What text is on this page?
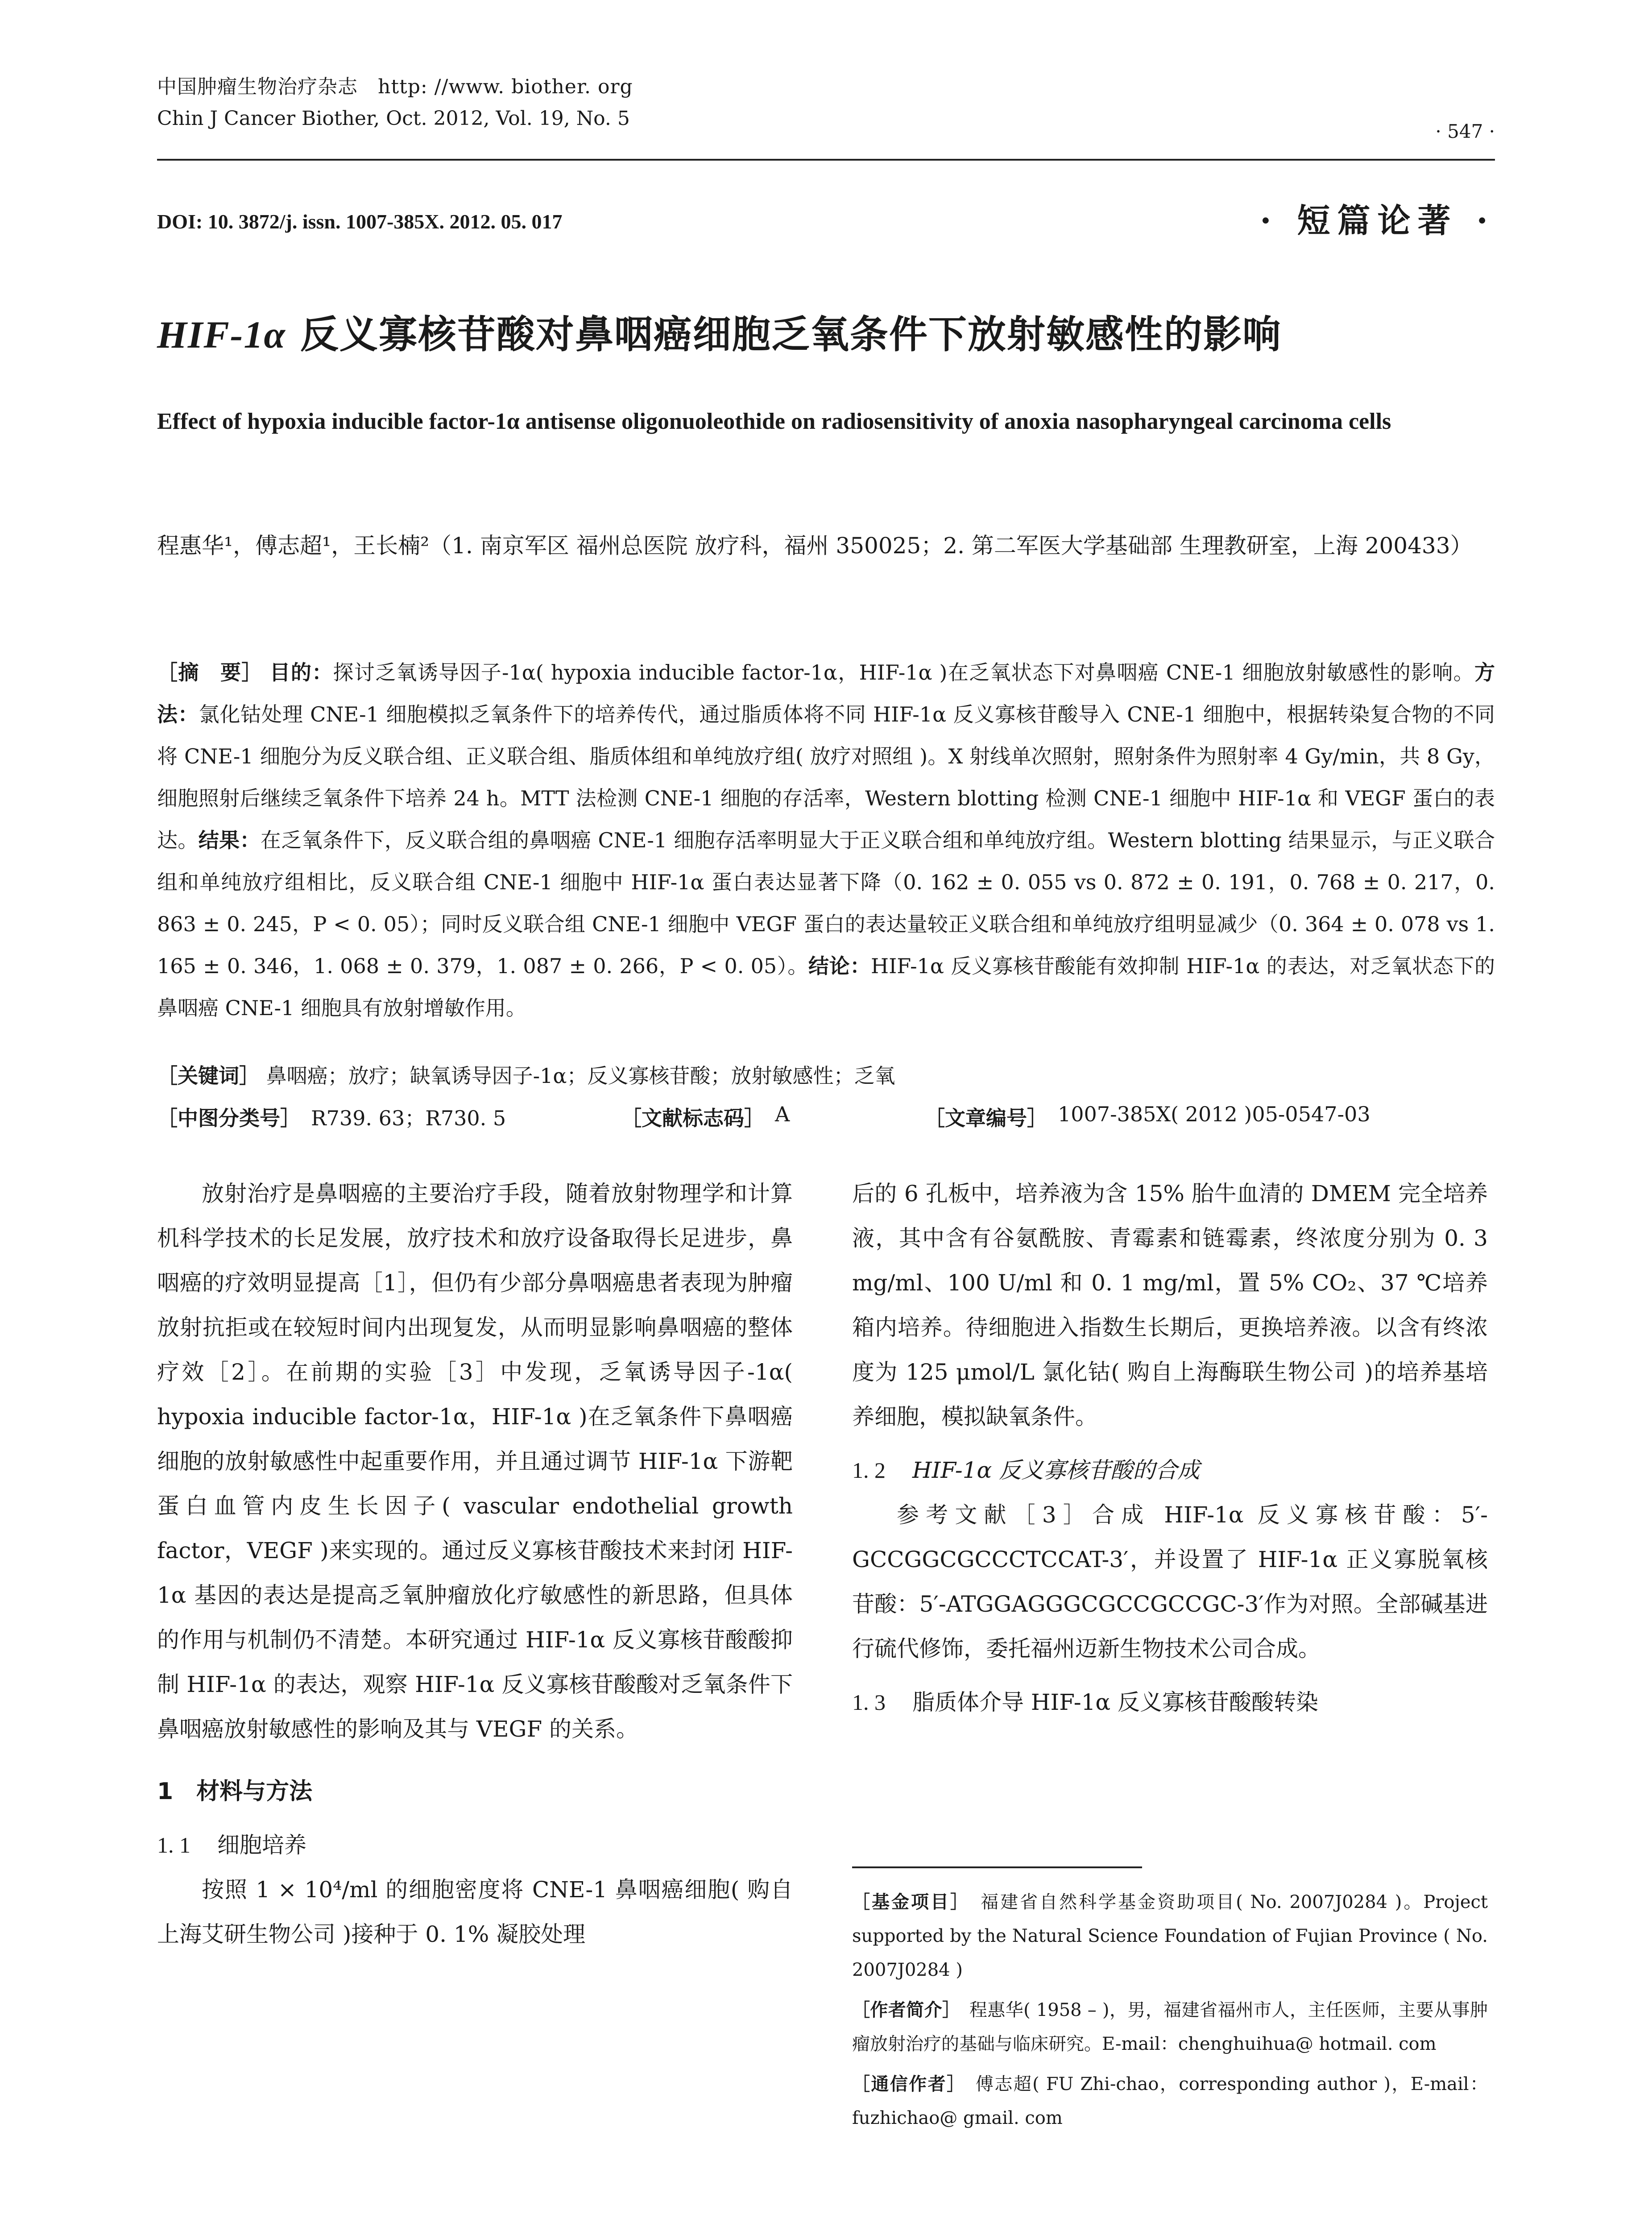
中国肿瘤生物治疗杂志　http: //www. biother. org
Chin J Cancer Biother, Oct. 2012, Vol. 19, No. 5
· 547 ·
DOI: 10. 3872/j. issn. 1007-385X. 2012. 05. 017	· 短篇论著 ·
HIF-1α 反义寡核苷酸对鼻咽癌细胞乏氧条件下放射敏感性的影响
Effect of hypoxia inducible factor-1α antisense oligonuoleothide on radiosensitivity of anoxia nasopharyngeal carcinoma cells
程惠华¹，傅志超¹，王长楠²（1. 南京军区 福州总医院 放疗科，福州 350025；2. 第二军医大学基础部 生理教研室，上海 200433）
［摘　要］ 目的：探讨乏氧诱导因子-1α( hypoxia inducible factor-1α，HIF-1α )在乏氧状态下对鼻咽癌 CNE-1 细胞放射敏感性的影响。方法：氯化钴处理 CNE-1 细胞模拟乏氧条件下的培养传代，通过脂质体将不同 HIF-1α 反义寡核苷酸导入 CNE-1 细胞中，根据转染复合物的不同将 CNE-1 细胞分为反义联合组、正义联合组、脂质体组和单纯放疗组( 放疗对照组 )。X 射线单次照射，照射条件为照射率 4 Gy/min，共 8 Gy，细胞照射后继续乏氧条件下培养 24 h。MTT 法检测 CNE-1 细胞的存活率，Western blotting 检测 CNE-1 细胞中 HIF-1α 和 VEGF 蛋白的表达。结果：在乏氧条件下，反义联合组的鼻咽癌 CNE-1 细胞存活率明显大于正义联合组和单纯放疗组。Western blotting 结果显示，与正义联合组和单纯放疗组相比，反义联合组 CNE-1 细胞中 HIF-1α 蛋白表达显著下降（0. 162 ± 0. 055 vs 0. 872 ± 0. 191，0. 768 ± 0. 217，0. 863 ± 0. 245，P < 0. 05）；同时反义联合组 CNE-1 细胞中 VEGF 蛋白的表达量较正义联合组和单纯放疗组明显减少（0. 364 ± 0. 078 vs 1. 165 ± 0. 346，1. 068 ± 0. 379，1. 087 ± 0. 266，P < 0. 05）。结论：HIF-1α 反义寡核苷酸能有效抑制 HIF-1α 的表达，对乏氧状态下的鼻咽癌 CNE-1 细胞具有放射增敏作用。
［关键词］ 鼻咽癌；放疗；缺氧诱导因子-1α；反义寡核苷酸；放射敏感性；乏氧
［中图分类号］　 R739. 63；R730. 5	［文献标志码］　 A	［文章编号］　 1007-385X( 2012 )05-0547-03

放射治疗是鼻咽癌的主要治疗手段，随着放射物理学和计算机科学技术的长足发展，放疗技术和放疗设备取得长足进步，鼻咽癌的疗效明显提高［1］，但仍有少部分鼻咽癌患者表现为肿瘤放射抗拒或在较短时间内出现复发，从而明显影响鼻咽癌的整体疗效［2］。在前期的实验［3］中发现，乏氧诱导因子-1α( hypoxia inducible factor-1α，HIF-1α )在乏氧条件下鼻咽癌细胞的放射敏感性中起重要作用，并且通过调节 HIF-1α 下游靶蛋白血管内皮生长因子( vascular endothelial growth factor，VEGF )来实现的。通过反义寡核苷酸技术来封闭 HIF-1α 基因的表达是提高乏氧肿瘤放化疗敏感性的新思路，但具体的作用与机制仍不清楚。本研究通过 HIF-1α 反义寡核苷酸酸抑制 HIF-1α 的表达，观察 HIF-1α 反义寡核苷酸酸对乏氧条件下鼻咽癌放射敏感性的影响及其与 VEGF 的关系。

1　材料与方法
1. 1 细胞培养

按照 1 × 10⁴/ml 的细胞密度将 CNE-1 鼻咽癌细胞( 购自上海艾研生物公司 )接种于 0. 1% 凝胶处理

后的 6 孔板中，培养液为含 15% 胎牛血清的 DMEM 完全培养液，其中含有谷氨酰胺、青霉素和链霉素，终浓度分别为 0. 3 mg/ml、100 U/ml 和 0. 1 mg/ml，置 5% CO₂、37 ℃培养箱内培养。待细胞进入指数生长期后，更换培养液。以含有终浓度为 125 μmol/L 氯化钴( 购自上海酶联生物公司 )的培养基培养细胞，模拟缺氧条件。

1. 2 HIF-1α 反义寡核苷酸的合成

参考文献［3］合成 HIF-1α 反义寡核苷酸：5′-GCCGGCGCCCTCCAT-3′，并设置了 HIF-1α 正义寡脱氧核苷酸：5′-ATGGAGGGCGCCGCCGC-3′作为对照。全部碱基进行硫代修饰，委托福州迈新生物技术公司合成。

1. 3 脂质体介导 HIF-1α 反义寡核苷酸酸转染

［基金项目］　 福建省自然科学基金资助项目( No. 2007J0284 )。Project supported by the Natural Science Foundation of Fujian Province ( No. 2007J0284 )

［作者简介］　 程惠华( 1958 – )，男，福建省福州市人，主任医师，主要从事肿瘤放射治疗的基础与临床研究。E-mail：chenghuihua@ hotmail. com

［通信作者］　 傅志超( FU Zhi-chao，corresponding author )，E-mail：fuzhichao@ gmail. com
